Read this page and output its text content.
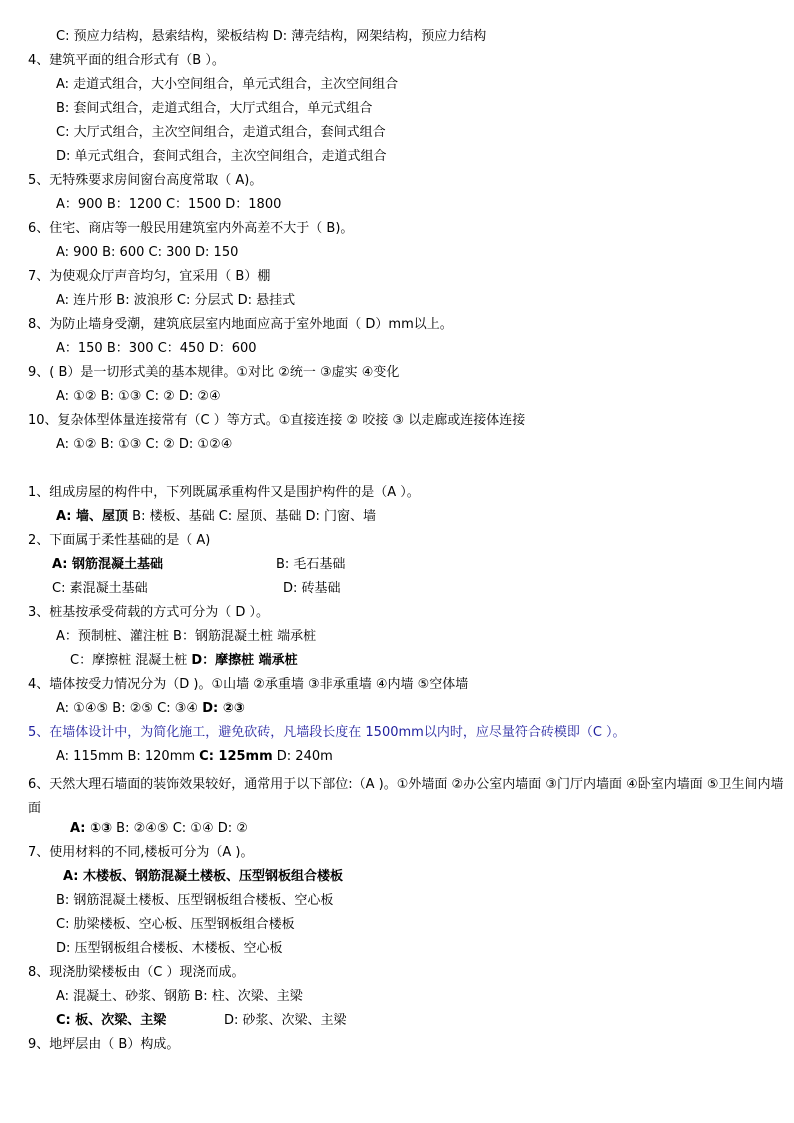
C: 预应力结构，悬索结构，梁板结构 D: 薄壳结构，网架结构，预应力结构
4、建筑平面的组合形式有（B ）。
A: 走道式组合，大小空间组合，单元式组合，主次空间组合
B: 套间式组合，走道式组合，大厅式组合，单元式组合
C: 大厅式组合，主次空间组合，走道式组合，套间式组合
D: 单元式组合，套间式组合，主次空间组合，走道式组合
5、无特殊要求房间窗台高度常取（ A)。
A：900 B：1200 C：1500 D：1800
6、住宅、商店等一般民用建筑室内外高差不大于（ B)。
A: 900 B: 600 C: 300 D: 150
7、为使观众厅声音均匀，宜采用（ B）棚
A: 连片形 B: 波浪形 C: 分层式 D: 悬挂式
8、为防止墙身受潮，建筑底层室内地面应高于室外地面（ D）mm以上。
A：150 B：300 C：450 D：600
9、( B）是一切形式美的基本规律。①对比 ②统一 ③虚实 ④变化
A: ①② B: ①③ C: ② D: ②④
10、复杂体型体量连接常有（C ）等方式。①直接连接 ② 咬接 ③ 以走廊或连接体连接
A: ①② B: ①③ C: ② D: ①②④
1、组成房屋的构件中，下列既属承重构件又是围护构件的是（A ）。
A: 墙、屋顶 B: 楼板、基础 C: 屋顶、基础 D: 门窗、墙
2、下面属于柔性基础的是（ A)
A: 钢筋混凝土基础	B: 毛石基础
C: 素混凝土基础	D: 砖基础
3、桩基按承受荷载的方式可分为（ D ）。
A：预制桩、灌注桩 B：钢筋混凝土桩 端承桩
C：摩擦桩 混凝土桩 D：摩擦桩 端承桩
4、墙体按受力情况分为（D )。①山墙 ②承重墙 ③非承重墙 ④内墙 ⑤空体墙
A: ①④⑤ B: ②⑤ C: ③④ D: ②③
5、在墙体设计中，为简化施工，避免砍砖，凡墙段长度在 1500mm以内时，应尽量符合砖模即（C ）。
A: 115mm B: 120mm C: 125mm D: 240m
6、天然大理石墙面的装饰效果较好，通常用于以下部位:（A )。①外墙面 ②办公室内墙面 ③门厅内墙面 ④卧室内墙面 ⑤卫生间内墙面
A: ①③ B: ②④⑤ C: ①④ D: ②
7、使用材料的不同,楼板可分为（A )。
A: 木楼板、钢筋混凝土楼板、压型钢板组合楼板
B: 钢筋混凝土楼板、压型钢板组合楼板、空心板
C: 肋梁楼板、空心板、压型钢板组合楼板
D: 压型钢板组合楼板、木楼板、空心板
8、现浇肋梁楼板由（C ）现浇而成。
A: 混凝土、砂浆、钢筋 B: 柱、次梁、主梁
C: 板、次梁、主梁	D: 砂浆、次梁、主梁
9、地坪层由（ B）构成。
